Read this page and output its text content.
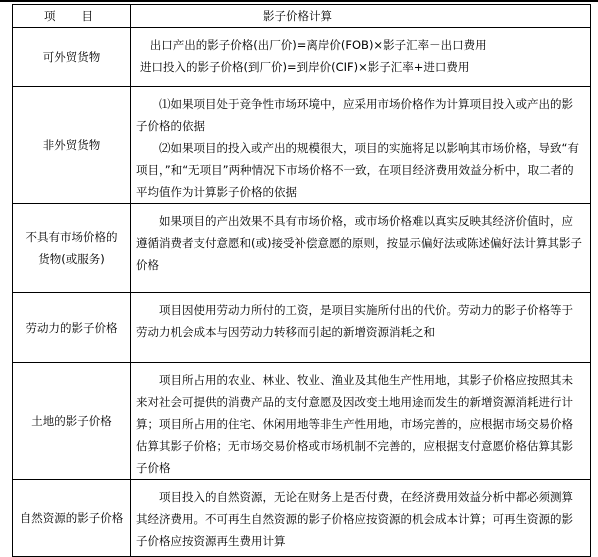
项目	影子价格计算
可外贸货物	出口产出的影子价格(出厂价)=离岸价(FOB)×影子汇率－出口费用

进口投入的影子价格(到厂价)=到岸价(CIF)×影子汇率+进口费用

非外贸货物	⑴如果项目处于竞争性市场环境中，应采用市场价格作为计算项目投入或产出的影子价格的依据

⑵如果项目的投入或产出的规模很大，项目的实施将足以影响其市场价格，导致“有项目，”和“无项目”两种情况下市场价格不一致，在项目经济费用效益分析中，取二者的平均值作为计算影子价格的依据

不具有市场价格的
货物(或服务)	如果项目的产出效果不具有市场价格，或市场价格难以真实反映其经济价值时，应遵循消费者支付意愿和(或)接受补偿意愿的原则，按显示偏好法或陈述偏好法计算其影子价格

劳动力的影子价格	项目因使用劳动力所付的工资，是项目实施所付出的代价。劳动力的影子价格等于劳动力机会成本与因劳动力转移而引起的新增资源消耗之和

土地的影子价格	项目所占用的农业、林业、牧业、渔业及其他生产性用地，其影子价格应按照其未来对社会可提供的消费产品的支付意愿及因改变土地用途而发生的新增资源消耗进行计算；项目所占用的住宅、休闲用地等非生产性用地，市场完善的，应根据市场交易价格估算其影子价格；无市场交易价格或市场机制不完善的，应根据支付意愿价格估算其影子价格

自然资源的影子价格	项目投入的自然资源，无论在财务上是否付费，在经济费用效益分析中都必须测算其经济费用。不可再生自然资源的影子价格应按资源的机会成本计算；可再生资源的影子价格应按资源再生费用计算
